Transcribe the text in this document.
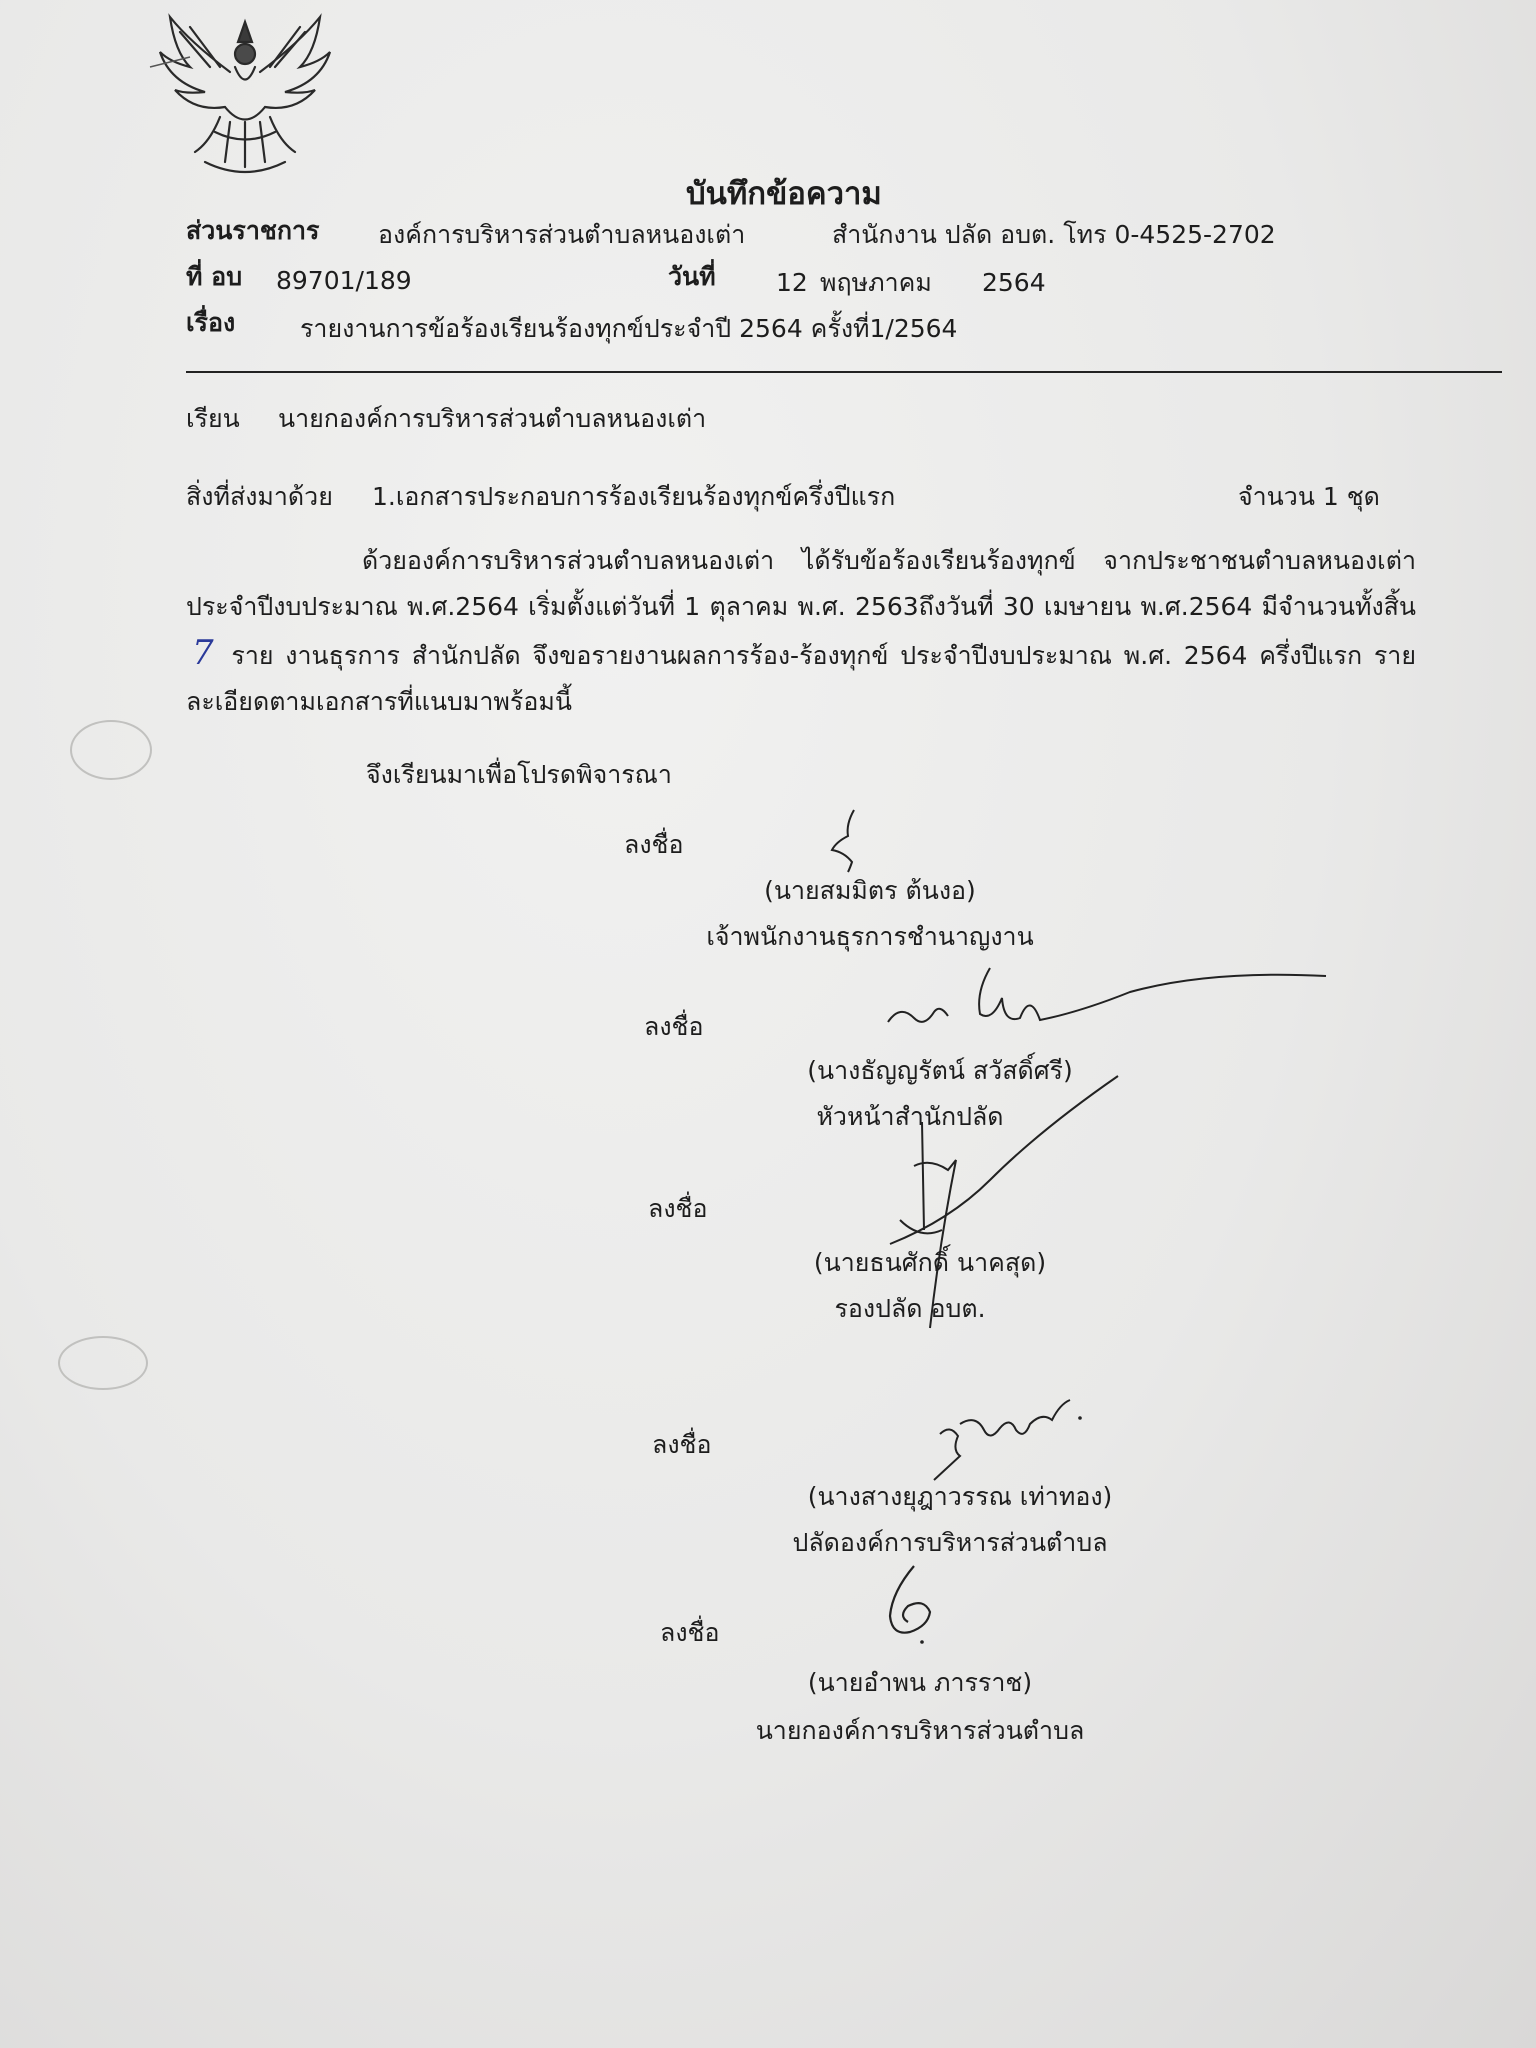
บันทึกข้อความ
ส่วนราชการ องค์การบริหารส่วนตำบลหนองเต่า	สำนักงาน ปลัด อบต. โทร 0-4525-2702
ที่ อบ 89701/189	วันที่ 12 พฤษภาคม 2564
เรื่อง	รายงานการข้อร้องเรียนร้องทุกข์ประจำปี 2564 ครั้งที่1/2564
เรียน นายกองค์การบริหารส่วนตำบลหนองเต่า
สิ่งที่ส่งมาด้วย 1.เอกสารประกอบการร้องเรียนร้องทุกข์ครึ่งปีแรก	จำนวน 1 ชุด
ด้วยองค์การบริหารส่วนตำบลหนองเต่า ได้รับข้อร้องเรียนร้องทุกข์ จากประชาชนตำบลหนองเต่า ประจำปีงบประมาณ พ.ศ.2564 เริ่มตั้งแต่วันที่ 1 ตุลาคม พ.ศ. 2563ถึงวันที่ 30 เมษายน พ.ศ.2564 มีจำนวนทั้งสิ้น 7 ราย งานธุรการ สำนักปลัด จึงขอรายงานผลการร้อง-ร้องทุกข์ ประจำปีงบประมาณ พ.ศ. 2564 ครึ่งปีแรก รายละเอียดตามเอกสารที่แนบมาพร้อมนี้
จึงเรียนมาเพื่อโปรดพิจารณา
ลงชื่อ
(นายสมมิตร ต้นงอ)
เจ้าพนักงานธุรการชำนาญงาน
ลงชื่อ
(นางธัญญรัตน์ สวัสดิ์ศรี)
หัวหน้าสำนักปลัด
ลงชื่อ
(นายธนศักดิ์ นาคสุด)
รองปลัด อบต.
ลงชื่อ
(นางสางยุฎาวรรณ เท่าทอง)
ปลัดองค์การบริหารส่วนตำบล
ลงชื่อ
(นายอำพน ภารราช)
นายกองค์การบริหารส่วนตำบล
